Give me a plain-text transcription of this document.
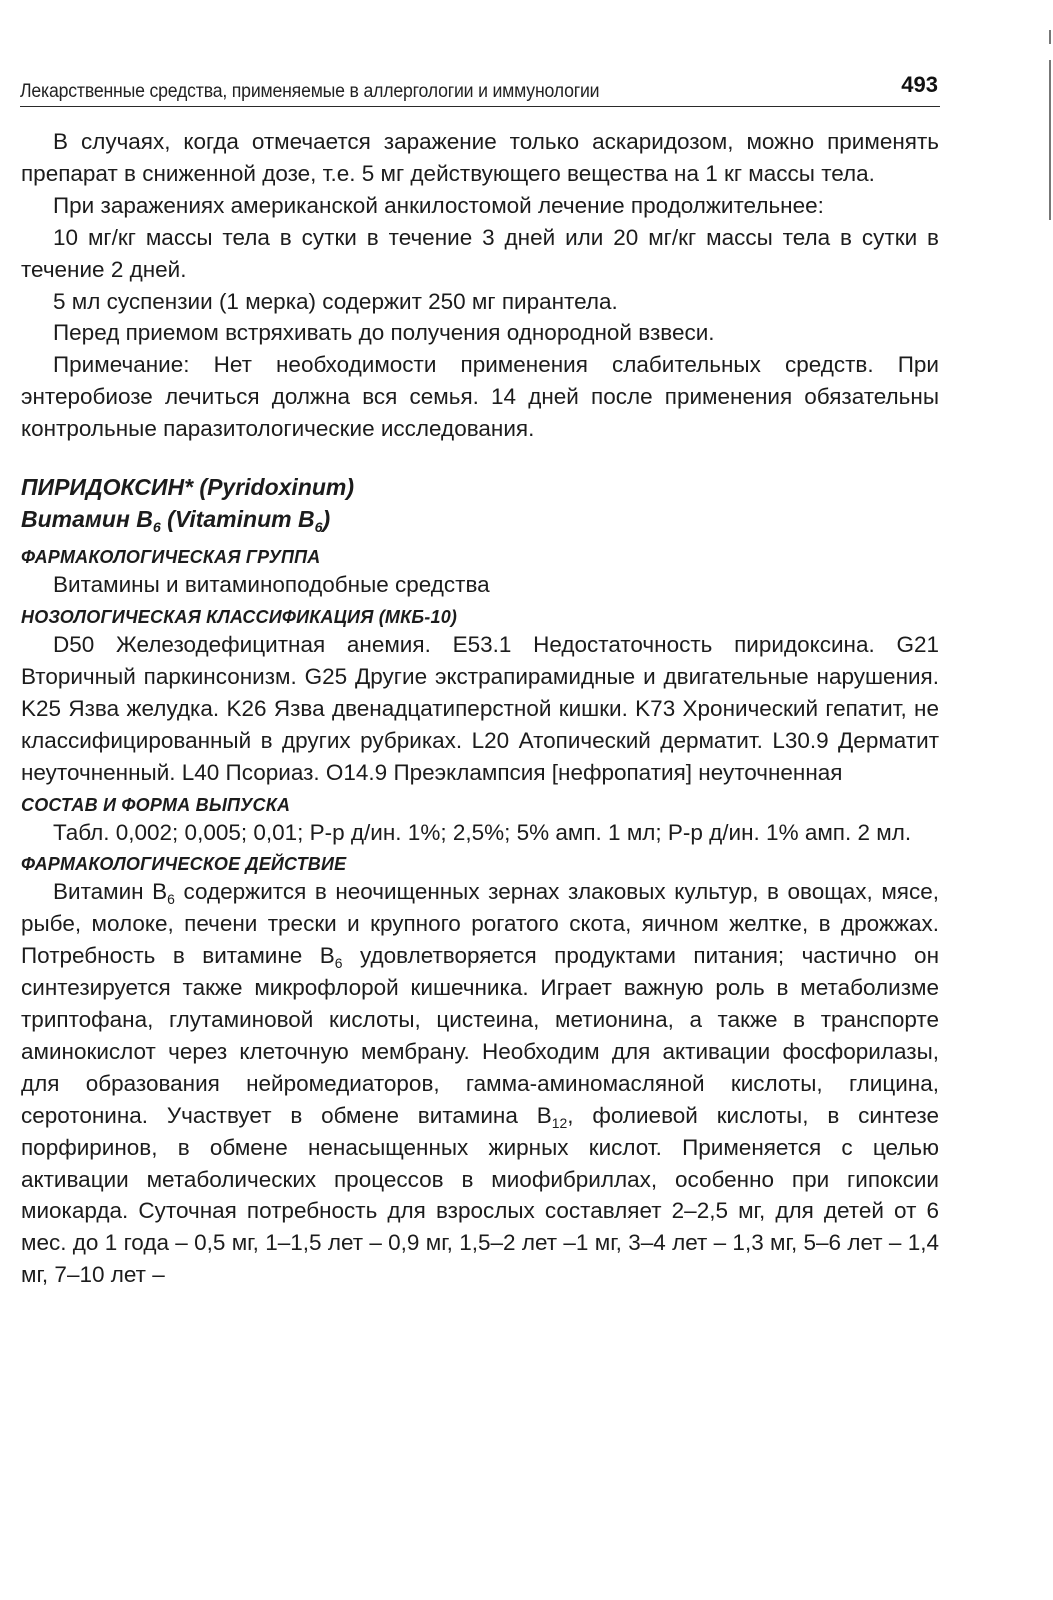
Лекарственные средства, применяемые в аллергологии и иммунологии	493

В случаях, когда отмечается заражение только аскаридозом, можно применять препарат в сниженной дозе, т.е. 5 мг действующего вещества на 1 кг массы тела.

При заражениях американской анкилостомой лечение продолжительнее:

10 мг/кг массы тела в сутки в течение 3 дней или 20 мг/кг массы тела в сутки в течение 2 дней.

5 мл суспензии (1 мерка) содержит 250 мг пирантела.

Перед приемом встряхивать до получения однородной взвеси.

Примечание: Нет необходимости применения слабительных средств. При энтеробиозе лечиться должна вся семья. 14 дней после применения обязательны контрольные паразитологические исследования.

ПИРИДОКСИН* (Pyridoxinum)

Витамин $B_6$ (Vitaminum $B_6$)

ФАРМАКОЛОГИЧЕСКАЯ ГРУППА

Витамины и витаминоподобные средства

НОЗОЛОГИЧЕСКАЯ КЛАССИФИКАЦИЯ (МКБ-10)

D50 Железодефицитная анемия. E53.1 Недостаточность пиридоксина. G21 Вторичный паркинсонизм. G25 Другие экстрапирамидные и двигательные нарушения. K25 Язва желудка. K26 Язва двенадцатиперстной кишки. K73 Хронический гепатит, не классифицированный в других рубриках. L20 Атопический дерматит. L30.9 Дерматит неуточненный. L40 Псориаз. O14.9 Преэклампсия [нефропатия] неуточненная

СОСТАВ И ФОРМА ВЫПУСКА

Табл. 0,002; 0,005; 0,01; Р-р д/ин. 1%; 2,5%; 5% амп. 1 мл; Р-р д/ин. 1% амп. 2 мл.

ФАРМАКОЛОГИЧЕСКОЕ ДЕЙСТВИЕ

Витамин $B_6$ содержится в неочищенных зернах злаковых культур, в овощах, мясе, рыбе, молоке, печени трески и крупного рогатого скота, яичном желтке, в дрожжах. Потребность в витамине $B_6$ удовлетворяется продуктами питания; частично он синтезируется также микрофлорой кишечника. Играет важную роль в метаболизме триптофана, глутаминовой кислоты, цистеина, метионина, а также в транспорте аминокислот через клеточную мембрану. Необходим для активации фосфорилазы, для образования нейромедиаторов, гамма-аминомасляной кислоты, глицина, серотонина. Участвует в обмене витамина $B_{12}$, фолиевой кислоты, в синтезе порфиринов, в обмене ненасыщенных жирных кислот. Применяется с целью активации метаболических процессов в миофибриллах, особенно при гипоксии миокарда. Суточная потребность для взрослых составляет 2–2,5 мг, для детей от 6 мес. до 1 года – 0,5 мг, 1–1,5 лет – 0,9 мг, 1,5–2 лет –1 мг, 3–4 лет – 1,3 мг, 5–6 лет – 1,4 мг, 7–10 лет –
